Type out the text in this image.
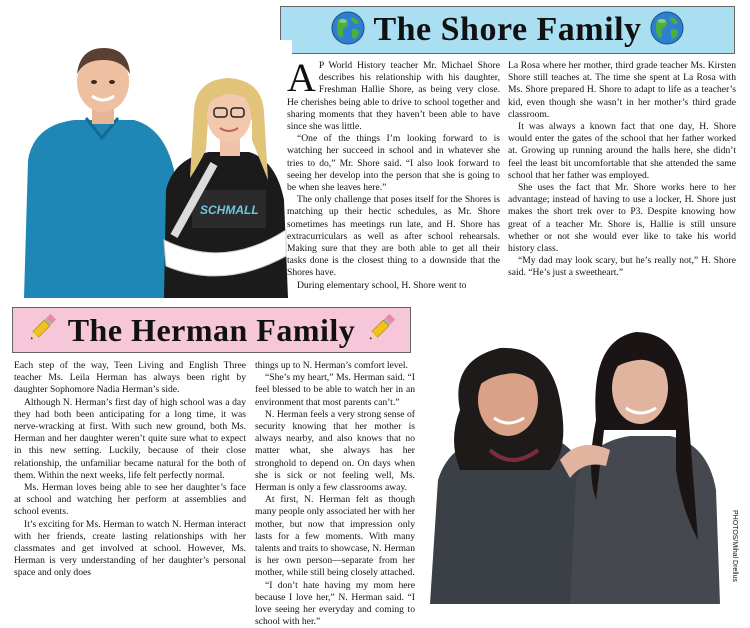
The Shore Family
SCHMALL
A P World History teacher Mr. Michael Shore describes his relationship with his daughter, Freshman Hallie Shore, as being very close. He cherishes being able to drive to school together and sharing moments that they haven’t been able to have since she was little.

“One of the things I’m looking forward to is watching her succeed in school and in whatever she tries to do,” Mr. Shore said. “I also look forward to seeing her develop into the person that she is going to be when she leaves here.”

The only challenge that poses itself for the Shores is matching up their hectic schedules, as Mr. Shore sometimes has meetings run late, and H. Shore has extracurriculars as well as after school rehearsals. Making sure that they are both able to get all their tasks done is the closest thing to a downside that the Shores have.

During elementary school, H. Shore went to

La Rosa where her mother, third grade teacher Ms. Kirsten Shore still teaches at. The time she spent at La Rosa with Ms. Shore prepared H. Shore to adapt to life as a teacher’s kid, even though she wasn’t in her mother’s third grade classroom.

It was always a known fact that one day, H. Shore would enter the gates of the school that her father worked at. Growing up running around the halls here, she didn’t feel the least bit uncomfortable that she attended the same school that her father was employed.

She uses the fact that Mr. Shore works here to her advantage; instead of having to use a locker, H. Shore just makes the short trek over to P3. Despite knowing how great of a teacher Mr. Shore is, Hallie is still unsure whether or not she would ever like to take his world history class.

“My dad may look scary, but he’s really not,” H. Shore said. “He’s just a sweetheart.”

The Herman Family

Each step of the way, Teen Living and English Three teacher Ms. Leila Herman has always been right by daughter Sophomore Nadia Herman’s side.

Although N. Herman’s first day of high school was a day they had both been anticipating for a long time, it was nerve-wracking at first. With such new ground, both Ms. Herman and her daughter weren’t quite sure what to expect in this new setting. Luckily, because of their close relationship, the unfamiliar became natural for the both of them. Within the next weeks, life felt perfectly normal.

Ms. Herman loves being able to see her daughter’s face at school and watching her perform at assemblies and school events.

It’s exciting for Ms. Herman to watch N. Herman interact with her friends, create lasting relationships with her classmates and get involved at school. However, Ms. Herman is very understanding of her daughter’s personal space and only does

things up to N. Herman’s comfort level.

“She’s my heart,” Ms. Herman said. “I feel blessed to be able to watch her in an environment that most parents can’t.”

N. Herman feels a very strong sense of security knowing that her mother is always nearby, and also knows that no matter what, she always has her stronghold to depend on. On days when she is sick or not feeling well, Ms. Herman is only a few classrooms away.

At first, N. Herman felt as though many people only associated her with her mother, but now that impression only lasts for a few moments. With many talents and traits to showcase, N. Herman is her own person—separate from her mother, while still being closely attached.

“I don’t hate having my mom here because I love her,” N. Herman said. “I love seeing her everyday and coming to school with her.”

PHOTOS/Mihal Drellus
